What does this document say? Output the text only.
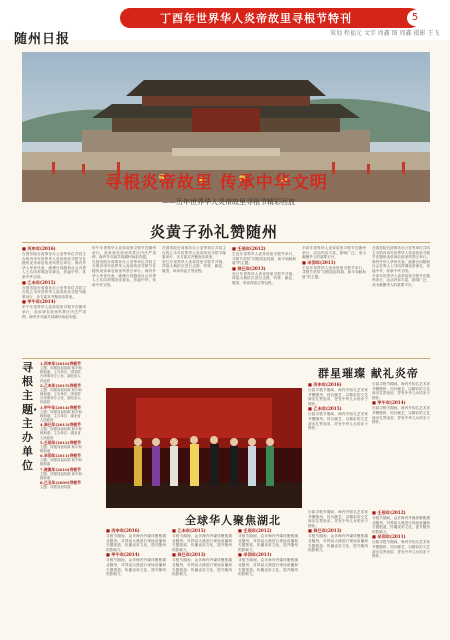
随州日报
丁酉年世界华人炎帝故里寻根节特刊	5
策划 程福元 文字 周鑫 图 周鑫 摄影 王飞
寻根炎帝故里 传承中华文明
——历年世界华人炎帝故里寻根节精彩回放
炎黄子孙礼赞随州
■ 丙申年(2016)
在国务院台湾事务办公室等单位共同主办的丙申年世界华人炎帝故里寻根节在随州炎帝神农故里风景区举行。海内外华人华侨代表、港澳台同胞和社会各界人士共同拜谒炎帝神农，祈福中华，传承中华文明。
■ 乙未年(2015)
在国务院台湾事务办公室等单位共同主办的乙未年世界华人炎帝故里寻根节隆重举行，各方嘉宾齐聚炎帝故里。
■ 甲午年(2014)
甲午年世界华人炎帝故里寻根节在随州举行，炎帝神农故里风景区内庄严肃穆，海内外宾朋共同缅怀始祖功德。
甲午年世界华人炎帝故里寻根节在随州举行，炎帝神农故里风景区内庄严肃穆，海内外宾朋共同缅怀始祖功德。
在国务院台湾事务办公室等单位共同主办的丙申年世界华人炎帝故里寻根节在随州炎帝神农故里风景区举行。海内外华人华侨代表、港澳台同胞和社会各界人士共同拜谒炎帝神农，祈福中华，传承中华文明。
在国务院台湾事务办公室等单位共同主办的乙未年世界华人炎帝故里寻根节隆重举行，各方嘉宾齐聚炎帝故里。
癸巳年世界华人炎帝故里寻根节开幕，拜祖大典依次进行击鼓、鸣钟、献花、敬香、恭读拜祖文等仪程。
■ 壬辰年(2012)
壬辰年世界华人炎帝故里寻根节举行，寻根节坚持“同根同祖同源，和平和睦和谐”的主题。
■ 癸巳年(2013)
癸巳年世界华人炎帝故里寻根节开幕，拜祖大典依次进行击鼓、鸣钟、献花、敬香、恭读拜祖文等仪程。
辛卯年世界华人炎帝故里寻根节在随州举行，活动内容丰富，影响广泛，成为凝聚华人的重要平台。
■ 辛卯年(2011)
壬辰年世界华人炎帝故里寻根节举行，寻根节坚持“同根同祖同源，和平和睦和谐”的主题。
在国务院台湾事务办公室等单位共同主办的丙申年世界华人炎帝故里寻根节在随州炎帝神农故里风景区举行。海内外华人华侨代表、港澳台同胞和社会各界人士共同拜谒炎帝神农，祈福中华，传承中华文明。
辛卯年世界华人炎帝故里寻根节在随州举行，活动内容丰富，影响广泛，成为凝聚华人的重要平台。
寻根主题·主办单位
1.丙申年(2016)寻根节
主题：同根同祖同源 和平和睦和谐；主办单位：国务院台湾事务办公室、湖北省人民政府
2.乙未年(2015)寻根节
主题：同根同祖同源 和平和睦和谐；主办单位：国务院台湾事务办公室、湖北省人民政府
3.甲午年(2014)寻根节
主题：同根同祖同源 和平和睦和谐；主办单位：湖北省人民政府
4.癸巳年(2013)寻根节
主题：同根同祖同源 和平和睦和谐；主办单位：湖北省人民政府
5.壬辰年(2012)寻根节
主题：同根同祖同源 和平和睦和谐
6.辛卯年(2011)寻根节
主题：同根同祖同源 和平和睦和谐
7.庚寅年(2010)寻根节
主题：同根同祖同源 和平和睦和谐
8.己丑年(2009)寻根节
主题：同根同祖同源
群星璀璨 献礼炎帝
■ 丙申年(2016)
历届寻根节期间，海内外知名艺术家齐聚随州，同台献艺，以精彩的文艺演出礼赞炎帝，抒发中华儿女的赤子情怀。
■ 乙未年(2015)
历届寻根节期间，海内外知名艺术家齐聚随州，同台献艺，以精彩的文艺演出礼赞炎帝，抒发中华儿女的赤子情怀。
历届寻根节期间，海内外知名艺术家齐聚随州，同台献艺，以精彩的文艺演出礼赞炎帝，抒发中华儿女的赤子情怀。
■ 甲午年(2014)
历届寻根节期间，海内外知名艺术家齐聚随州，同台献艺，以精彩的文艺演出礼赞炎帝，抒发中华儿女的赤子情怀。
全球华人聚焦湖北
■ 丙申年(2016)
寻根节期间，众多海内外媒体聚焦湖北随州，对拜祖大典进行现场直播和专题报道，传播炎帝文化，提升随州的影响力。
■ 甲午年(2014)
寻根节期间，众多海内外媒体聚焦湖北随州，对拜祖大典进行现场直播和专题报道，传播炎帝文化，提升随州的影响力。
■ 乙未年(2015)
寻根节期间，众多海内外媒体聚焦湖北随州，对拜祖大典进行现场直播和专题报道，传播炎帝文化，提升随州的影响力。
■ 癸巳年(2013)
寻根节期间，众多海内外媒体聚焦湖北随州，对拜祖大典进行现场直播和专题报道，传播炎帝文化，提升随州的影响力。
■ 壬辰年(2012)
寻根节期间，众多海内外媒体聚焦湖北随州，对拜祖大典进行现场直播和专题报道，传播炎帝文化，提升随州的影响力。
■ 辛卯年(2011)
寻根节期间，众多海内外媒体聚焦湖北随州，对拜祖大典进行现场直播和专题报道，传播炎帝文化，提升随州的影响力。
历届寻根节期间，海内外知名艺术家齐聚随州，同台献艺，以精彩的文艺演出礼赞炎帝，抒发中华儿女的赤子情怀。
■ 癸巳年(2013)
寻根节期间，众多海内外媒体聚焦湖北随州，对拜祖大典进行现场直播和专题报道，传播炎帝文化，提升随州的影响力。
■ 壬辰年(2012)
寻根节期间，众多海内外媒体聚焦湖北随州，对拜祖大典进行现场直播和专题报道，传播炎帝文化，提升随州的影响力。
■ 辛卯年(2011)
历届寻根节期间，海内外知名艺术家齐聚随州，同台献艺，以精彩的文艺演出礼赞炎帝，抒发中华儿女的赤子情怀。
